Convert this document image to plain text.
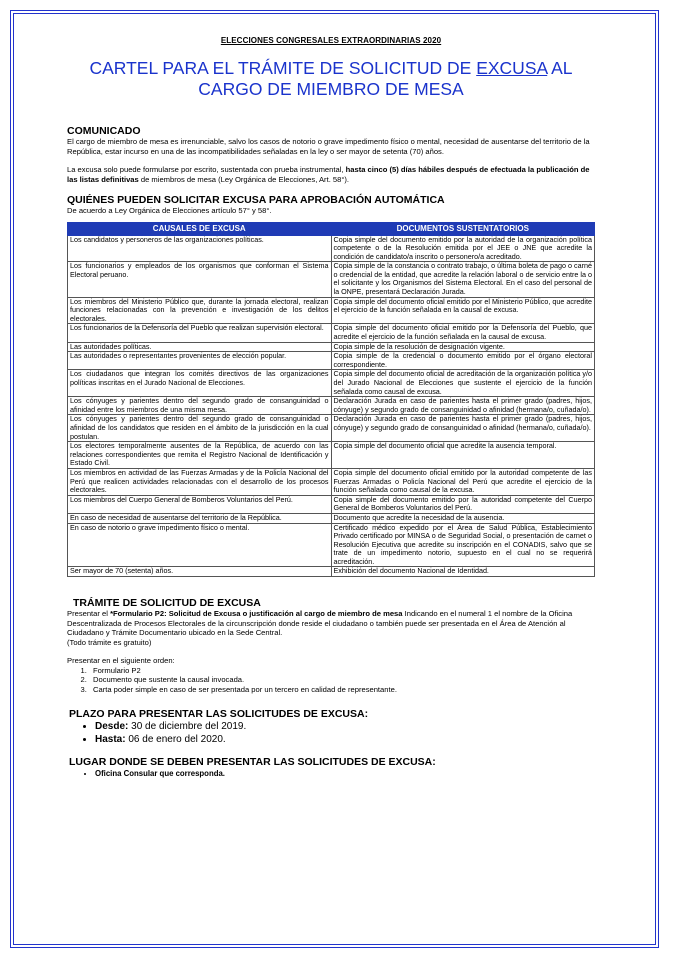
ELECCIONES CONGRESALES EXTRAORDINARIAS 2020
CARTEL PARA EL TRÁMITE DE SOLICITUD DE EXCUSA AL CARGO DE MIEMBRO DE MESA
COMUNICADO

El cargo de miembro de mesa es irrenunciable, salvo los casos de notorio o grave impedimento físico o mental, necesidad de ausentarse del territorio de la República, estar incurso en una de las incompatibilidades señaladas en la ley o ser mayor de setenta (70) años.

La excusa solo puede formularse por escrito, sustentada con prueba instrumental, hasta cinco (5) días hábiles después de efectuada la publicación de las listas definitivas de miembros de mesa (Ley Orgánica de Elecciones, Art. 58°).

QUIÉNES PUEDEN SOLICITAR EXCUSA PARA APROBACIÓN AUTOMÁTICA

De acuerdo a Ley Orgánica de Elecciones artículo 57° y 58°.

CAUSALES DE EXCUSA	DOCUMENTOS SUSTENTATORIOS
Los candidatos y personeros de las organizaciones políticas.	Copia simple del documento emitido por la autoridad de la organización política competente o de la Resolución emitida por el JEE o JNE que acredite la condición de candidato/a inscrito o personero/a acreditado.
Los funcionarios y empleados de los organismos que conforman el Sistema Electoral peruano.	Copia simple de la constancia o contrato trabajo, o última boleta de pago o carné o credencial de la entidad, que acredite la relación laboral o de servicio entre la o el solicitante y los Organismos del Sistema Electoral. En el caso del personal de la ONPE, presentará Declaración Jurada.
Los miembros del Ministerio Público que, durante la jornada electoral, realizan funciones relacionadas con la prevención e investigación de los delitos electorales.	Copia simple del documento oficial emitido por el Ministerio Público, que acredite el ejercicio de la función señalada en la causal de excusa.
Los funcionarios de la Defensoría del Pueblo que realizan supervisión electoral.	Copia simple del documento oficial emitido por la Defensoría del Pueblo, que acredite el ejercicio de la función señalada en la causal de excusa.
Las autoridades políticas.	Copia simple de la resolución de designación vigente.
Las autoridades o representantes provenientes de elección popular.	Copia simple de la credencial o documento emitido por el órgano electoral correspondiente.
Los ciudadanos que integran los comités directivos de las organizaciones políticas inscritas en el Jurado Nacional de Elecciones.	Copia simple del documento oficial de acreditación de la organización política y/o del Jurado Nacional de Elecciones que sustente el ejercicio de la función señalada como causal de excusa.
Los cónyuges y parientes dentro del segundo grado de consanguinidad o afinidad entre los miembros de una misma mesa.	Declaración Jurada en caso de parientes hasta el primer grado (padres, hijos, cónyuge) y segundo grado de consanguinidad o afinidad (hermana/o, cuñada/o).
Los cónyuges y parientes dentro del segundo grado de consanguinidad o afinidad de los candidatos que residen en el ámbito de la jurisdicción en la cual postulan.	Declaración Jurada en caso de parientes hasta el primer grado (padres, hijos, cónyuge) y segundo grado de consanguinidad o afinidad (hermana/o, cuñada/o).
Los electores temporalmente ausentes de la República, de acuerdo con las relaciones correspondientes que remita el Registro Nacional de Identificación y Estado Civil.	Copia simple del documento oficial que acredite la ausencia temporal.
Los miembros en actividad de las Fuerzas Armadas y de la Policía Nacional del Perú que realicen actividades relacionadas con el desarrollo de los procesos electorales.	Copia simple del documento oficial emitido por la autoridad competente de las Fuerzas Armadas o Policía Nacional del Perú que acredite el ejercicio de la función señalada como causal de la excusa.
Los miembros del Cuerpo General de Bomberos Voluntarios del Perú.	Copia simple del documento emitido por la autoridad competente del Cuerpo General de Bomberos Voluntarios del Perú.
En caso de necesidad de ausentarse del territorio de la República.	Documento que acredite la necesidad de la ausencia.
En caso de notorio o grave impedimento físico o mental.	Certificado médico expedido por el Área de Salud Pública, Establecimiento Privado certificado por MINSA o de Seguridad Social, o presentación de carnet o Resolución Ejecutiva que acredite su inscripción en el CONADIS, salvo que se trate de un impedimento notorio, supuesto en el cual no se requerirá acreditación.
Ser mayor de 70 (setenta) años.	Exhibición del documento Nacional de Identidad.
TRÁMITE DE SOLICITUD DE EXCUSA

Presentar el *Formulario P2: Solicitud de Excusa o justificación al cargo de miembro de mesa Indicando en el numeral 1 el nombre de la Oficina Descentralizada de Procesos Electorales de la circunscripción donde reside el ciudadano o también puede ser presentada en el Área de Atención al Ciudadano y Trámite Documentario ubicado en la Sede Central.

(Todo trámite es gratuito)

Presentar en el siguiente orden:

1. Formulario P2
2. Documento que sustente la causal invocada.
3. Carta poder simple en caso de ser presentada por un tercero en calidad de representante.
PLAZO PARA PRESENTAR LAS SOLICITUDES DE EXCUSA:
• Desde: 30 de diciembre del 2019.
• Hasta: 06 de enero del 2020.
LUGAR DONDE SE DEBEN PRESENTAR LAS SOLICITUDES DE EXCUSA:
• Oficina Consular que corresponda.
